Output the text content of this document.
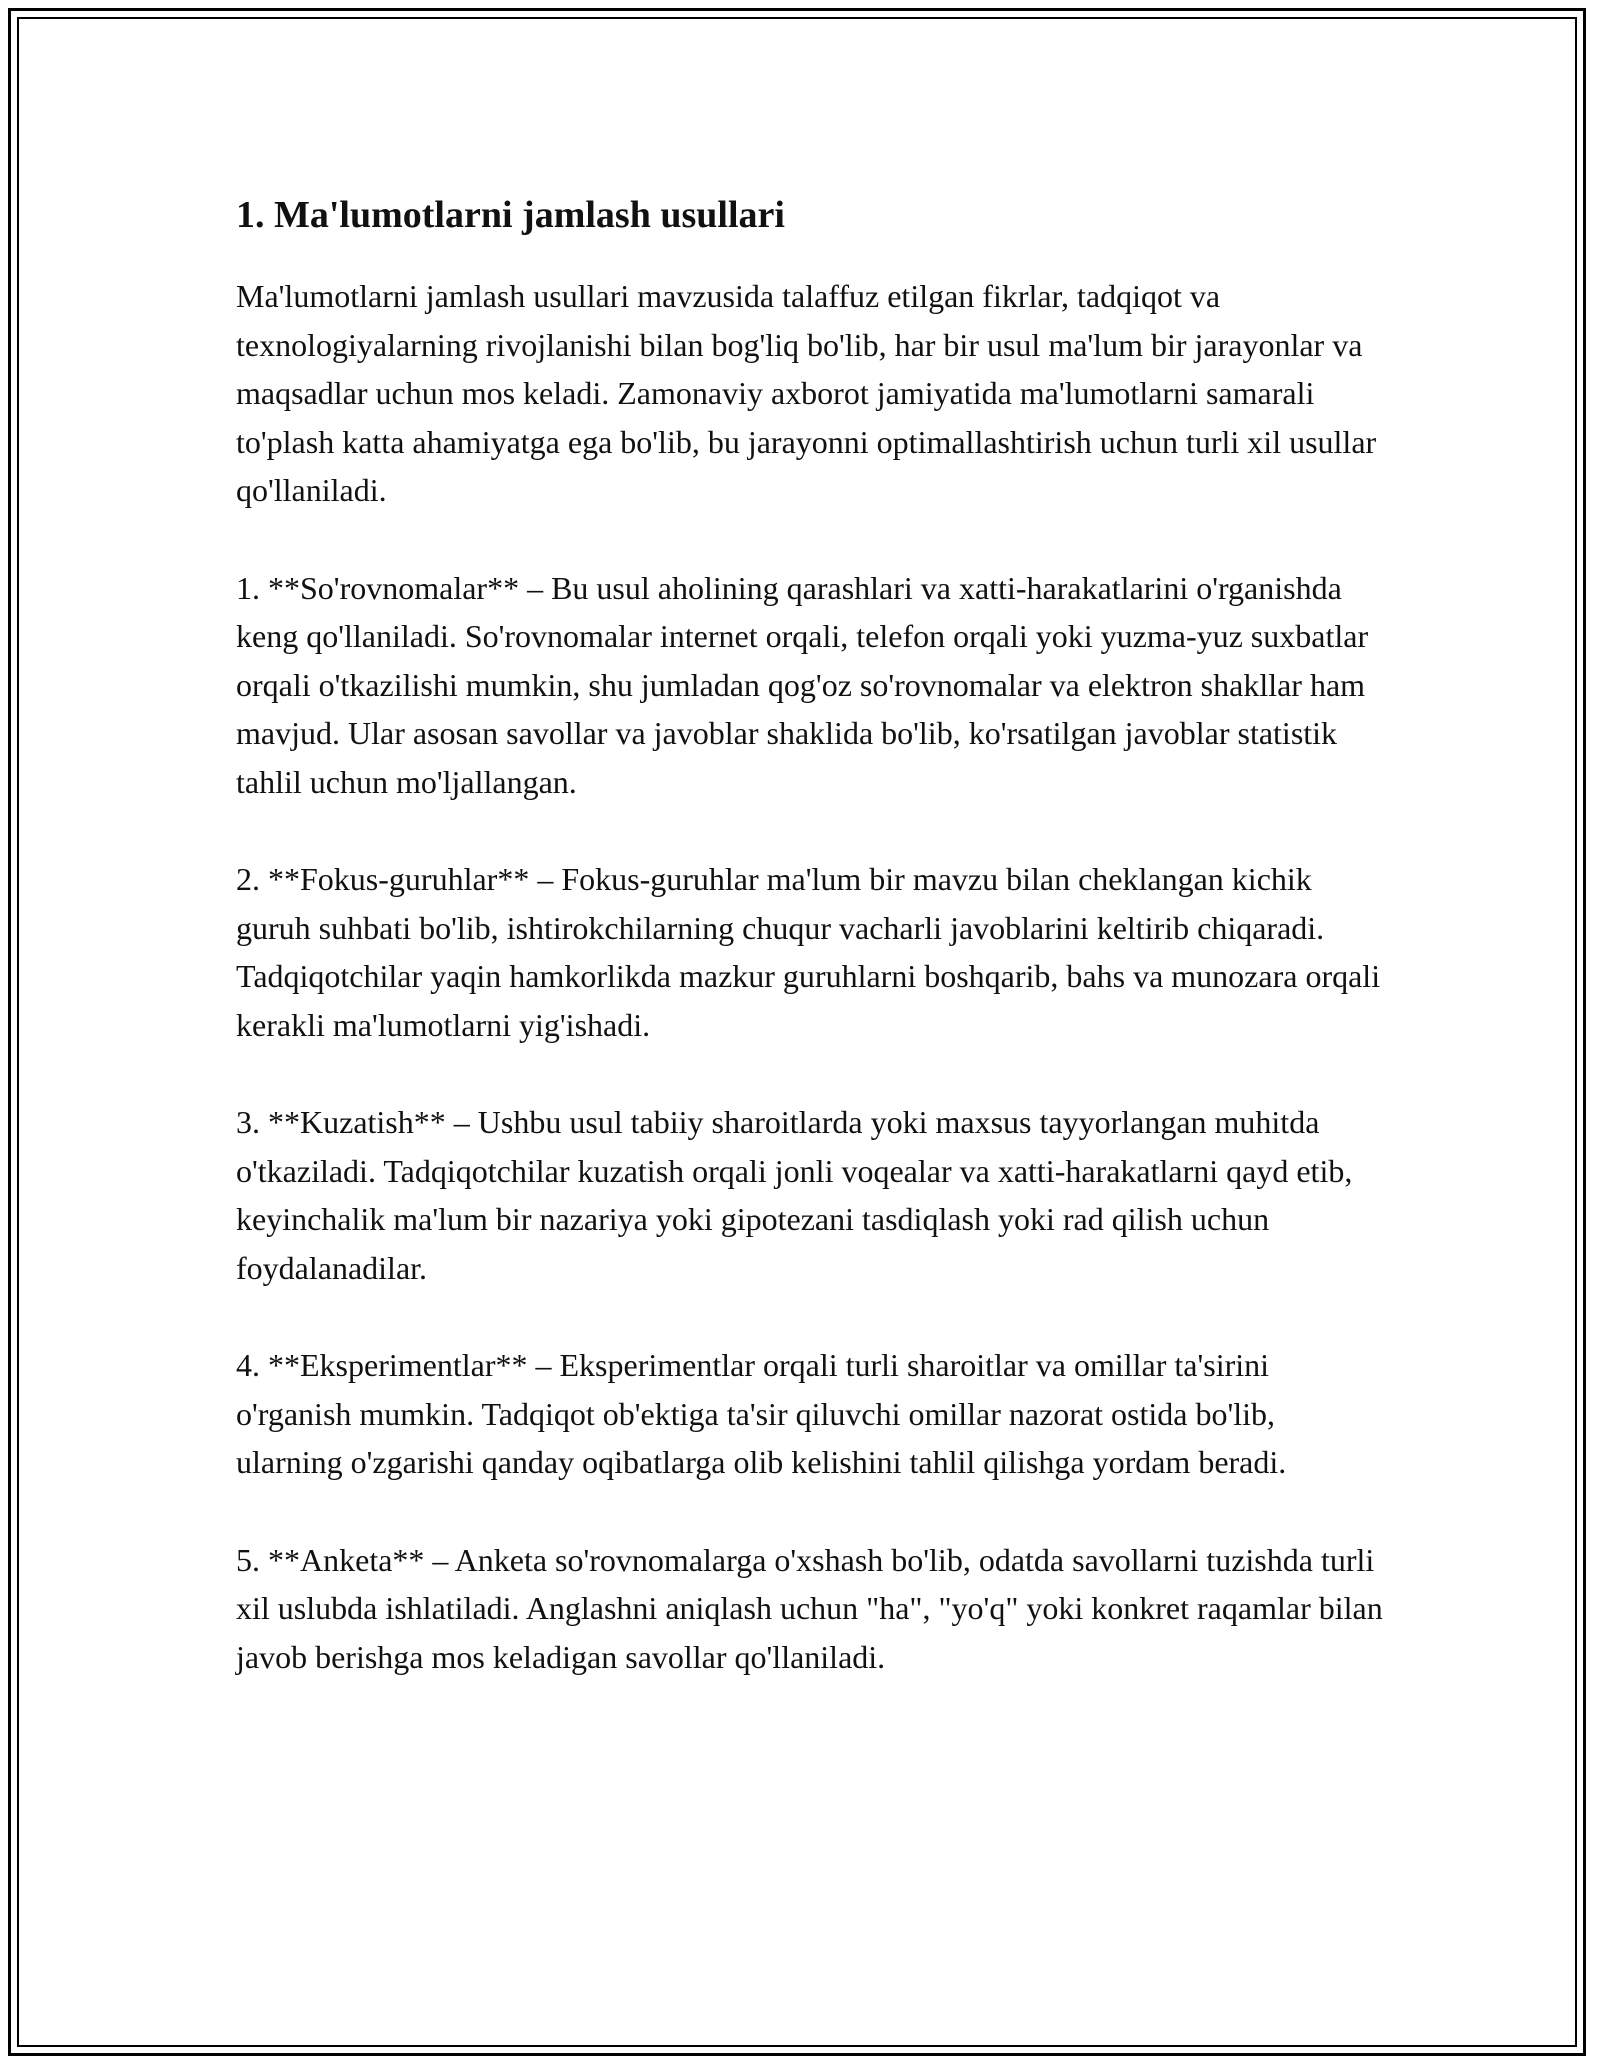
1. Ma'lumotlarni jamlash usullari

Ma'lumotlarni jamlash usullari mavzusida talaffuz etilgan fikrlar, tadqiqot va texnologiyalarning rivojlanishi bilan bog'liq bo'lib, har bir usul ma'lum bir jarayonlar va maqsadlar uchun mos keladi. Zamonaviy axborot jamiyatida ma'lumotlarni samarali to'plash katta ahamiyatga ega bo'lib, bu jarayonni optimallashtirish uchun turli xil usullar qo'llaniladi.

1. **So'rovnomalar** – Bu usul aholining qarashlari va xatti-harakatlarini o'rganishda keng qo'llaniladi. So'rovnomalar internet orqali, telefon orqali yoki yuzma-yuz suxbatlar orqali o'tkazilishi mumkin, shu jumladan qog'oz so'rovnomalar va elektron shakllar ham mavjud. Ular asosan savollar va javoblar shaklida bo'lib, ko'rsatilgan javoblar statistik tahlil uchun mo'ljallangan.

2. **Fokus-guruhlar** – Fokus-guruhlar ma'lum bir mavzu bilan cheklangan kichik guruh suhbati bo'lib, ishtirokchilarning chuqur vacharli javoblarini keltirib chiqaradi. Tadqiqotchilar yaqin hamkorlikda mazkur guruhlarni boshqarib, bahs va munozara orqali kerakli ma'lumotlarni yig'ishadi.

3. **Kuzatish** – Ushbu usul tabiiy sharoitlarda yoki maxsus tayyorlangan muhitda o'tkaziladi. Tadqiqotchilar kuzatish orqali jonli voqealar va xatti-harakatlarni qayd etib, keyinchalik ma'lum bir nazariya yoki gipotezani tasdiqlash yoki rad qilish uchun foydalanadilar.

4. **Eksperimentlar** – Eksperimentlar orqali turli sharoitlar va omillar ta'sirini o'rganish mumkin. Tadqiqot ob'ektiga ta'sir qiluvchi omillar nazorat ostida bo'lib, ularning o'zgarishi qanday oqibatlarga olib kelishini tahlil qilishga yordam beradi.

5. **Anketa** – Anketa so'rovnomalarga o'xshash bo'lib, odatda savollarni tuzishda turli xil uslubda ishlatiladi. Anglashni aniqlash uchun "ha", "yo'q" yoki konkret raqamlar bilan javob berishga mos keladigan savollar qo'llaniladi.
